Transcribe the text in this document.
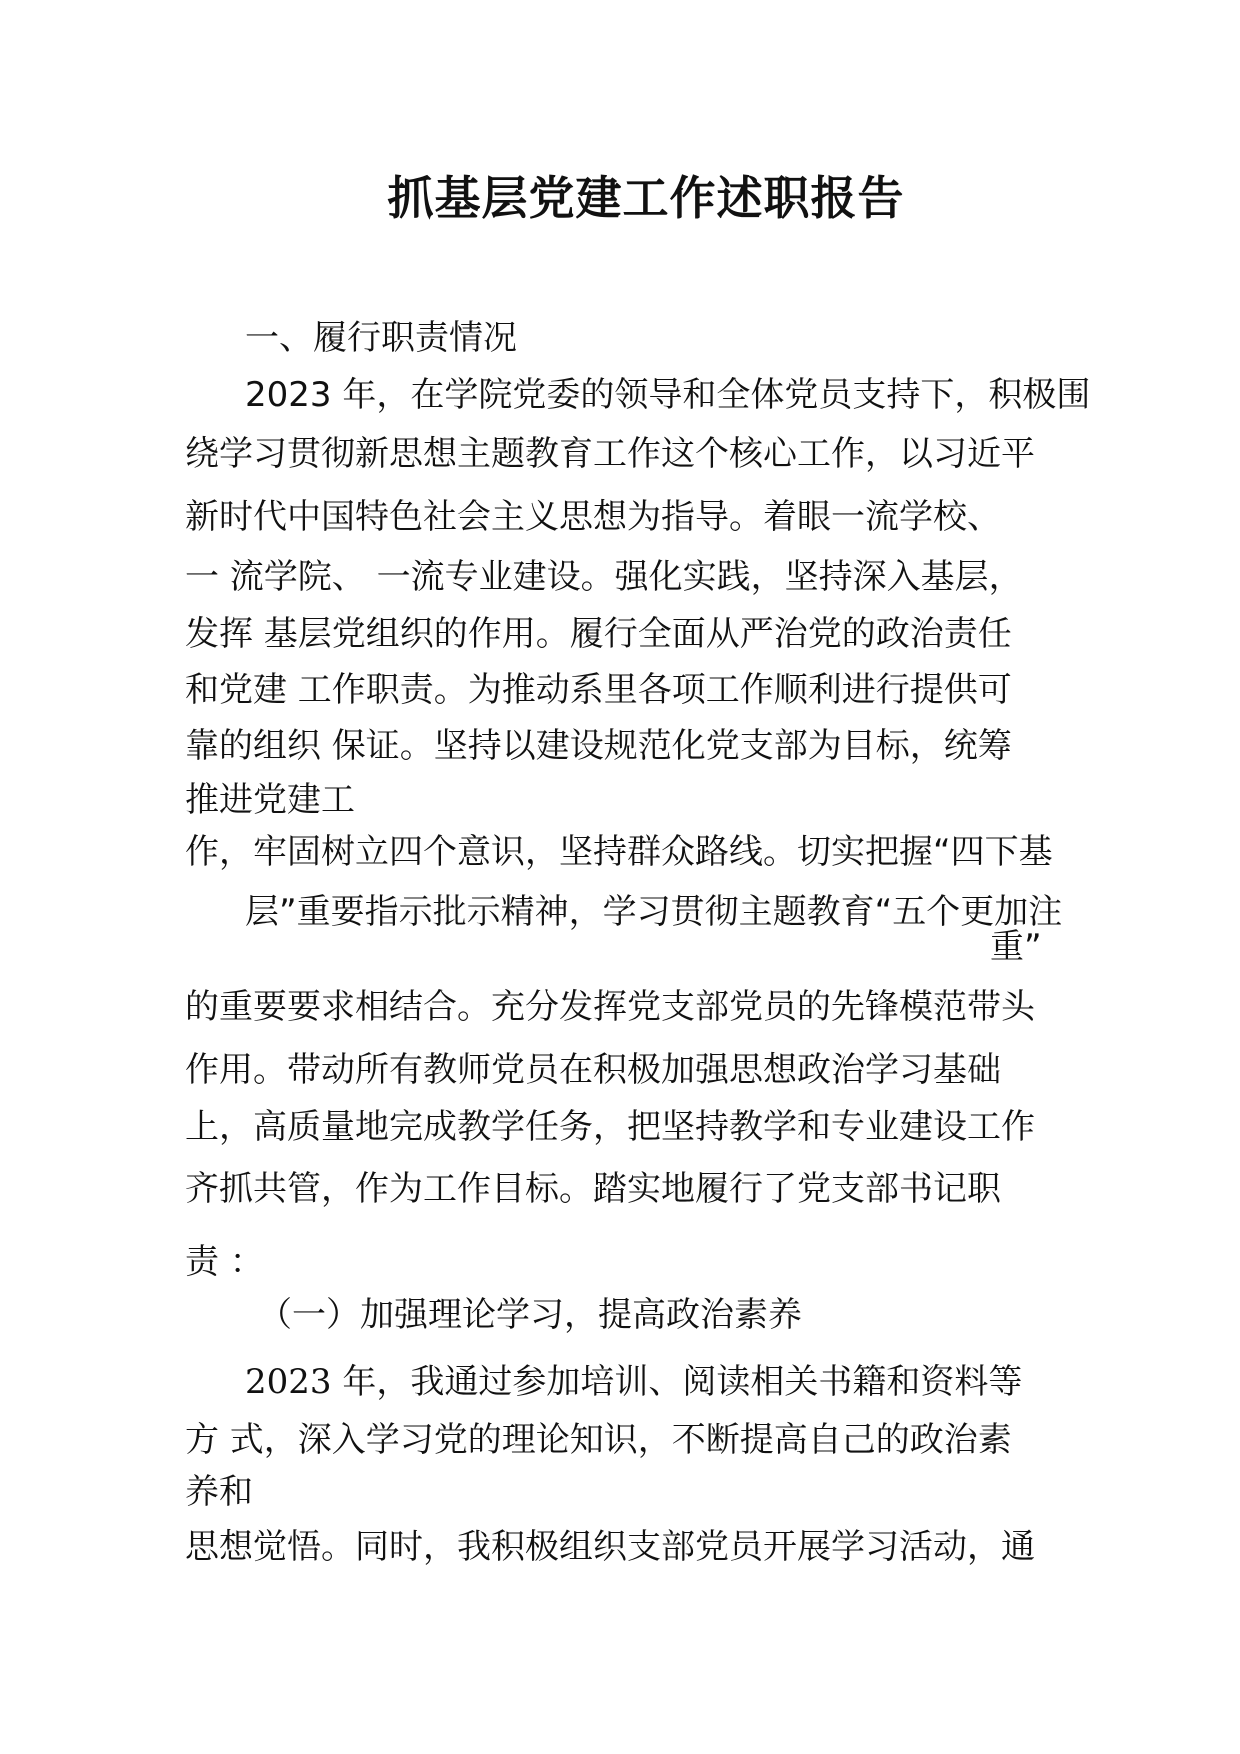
抓基层党建工作述职报告
一、履行职责情况
2023 年，在学院党委的领导和全体党员支持下，积极围
绕学习贯彻新思想主题教育工作这个核心工作，以习近平
新时代中国特色社会主义思想为指导。着眼一流学校、
一 流学院、 一流专业建设。强化实践，坚持深入基层，
发挥 基层党组织的作用。履行全面从严治党的政治责任
和党建 工作职责。为推动系里各项工作顺利进行提供可
靠的组织 保证。坚持以建设规范化党支部为目标，统筹
推进党建工
作，牢固树立四个意识，坚持群众路线。切实把握“四下基
层”重要指示批示精神，学习贯彻主题教育“五个更加注
重”
的重要要求相结合。充分发挥党支部党员的先锋模范带头
作用。带动所有教师党员在积极加强思想政治学习基础
上，高质量地完成教学任务，把坚持教学和专业建设工作
齐抓共管，作为工作目标。踏实地履行了党支部书记职
责 ：
（一）加强理论学习，提高政治素养
2023 年，我通过参加培训、阅读相关书籍和资料等
方 式，深入学习党的理论知识，不断提高自己的政治素
养和
思想觉悟。同时，我积极组织支部党员开展学习活动，通
